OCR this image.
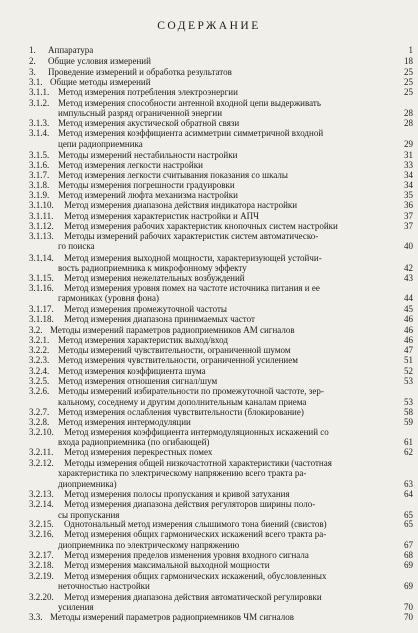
СОДЕРЖАНИЕ
1. Аппаратура	1
2. Общие условия измерений	18
3. Проведение измерений и обработка результатов	25
3.1. Общие методы измерений	25
3.1.1. Метод измерения потребления электроэнергии	25
3.1.2. Метод измерения способности антенной входной цепи выдерживать
импульсный разряд ограниченной энергии	28
3.1.3. Метод измерения акустической обратной связи	28
3.1.4. Метод измерения коэффициента асимметрии симметричной входной
цепи радиоприемника	29
3.1.5. Методы измерений нестабильности настройки	31
3.1.6. Метод измерения легкости настройки	33
3.1.7. Метод измерения легкости считывания показания со шкалы	34
3.1.8. Методы измерения погрешности градуировки	34
3.1.9. Метод измерений люфта механизма настройки	35
3.1.10. Метод измерения диапазона действия индикатора настройки	36
3.1.11. Метод измерения характеристик настройки и АПЧ	37
3.1.12. Метод измерения рабочих характеристик кнопочных систем настройки	37
3.1.13. Методы измерений рабочих характеристик систем автоматическо-
го поиска	40
3.1.14. Метод измерения выходной мощности, характеризующей устойчи-
вость радиоприемника к микрофонному эффекту	42
3.1.15. Метод измерения нежелательных возбуждений	43
3.1.16. Метод измерения уровня помех на частоте источника питания и ее
гармониках (уровня фона)	44
3.1.17. Метод измерения промежуточной частоты	45
3.1.18. Метод измерения диапазона принимаемых частот	46
3.2. Методы измерений параметров радиоприемников АМ сигналов	46
3.2.1. Метод измерения характеристик выход/вход	46
3.2.2. Методы измерений чувствительности, ограниченной шумом	47
3.2.3. Метод измерения чувствительности, ограниченной усилением	51
3.2.4. Метод измерения коэффициента шума	52
3.2.5. Метод измерения отношения сигнал/шум	53
3.2.6. Методы измерений избирательности по промежуточной частоте, зер-
кальному, соседнему и другим дополнительным каналам приема	53
3.2.7. Метод измерения ослабления чувствительности (блокирование)	58
3.2.8. Метод измерения интермодуляции	59
3.2.10. Метод измерения коэффициента интермодуляционных искажений со
входа радиоприемника (по огибающей)	61
3.2.11. Метод измерения перекрестных помех	62
3.2.12. Методы измерения общей низкочастотной характеристики (частотная
характеристика по электрическому напряжению всего тракта ра-
диоприемника)	63
3.2.13. Метод измерения полосы пропускания и кривой затухания	64
3.2.14. Метод измерения диапазона действия регуляторов ширины поло-
сы пропускания	65
3.2.15. Однотональный метод измерения слышимого тона биений (свистов)	65
3.2.16. Метод измерения общих гармонических искажений всего тракта ра-
диоприемника по электрическому напряжению	67
3.2.17. Метод измерения пределов изменения уровня входного сигнала	68
3.2.18. Метод измерения максимальной выходной мощности	69
3.2.19. Метод измерения общих гармонических искажений, обусловленных
неточностью настройки	69
3.2.20. Метод измерения диапазона действия автоматической регулировки
усиления	70
3.3. Методы измерений параметров радиоприемников ЧМ сигналов	70
